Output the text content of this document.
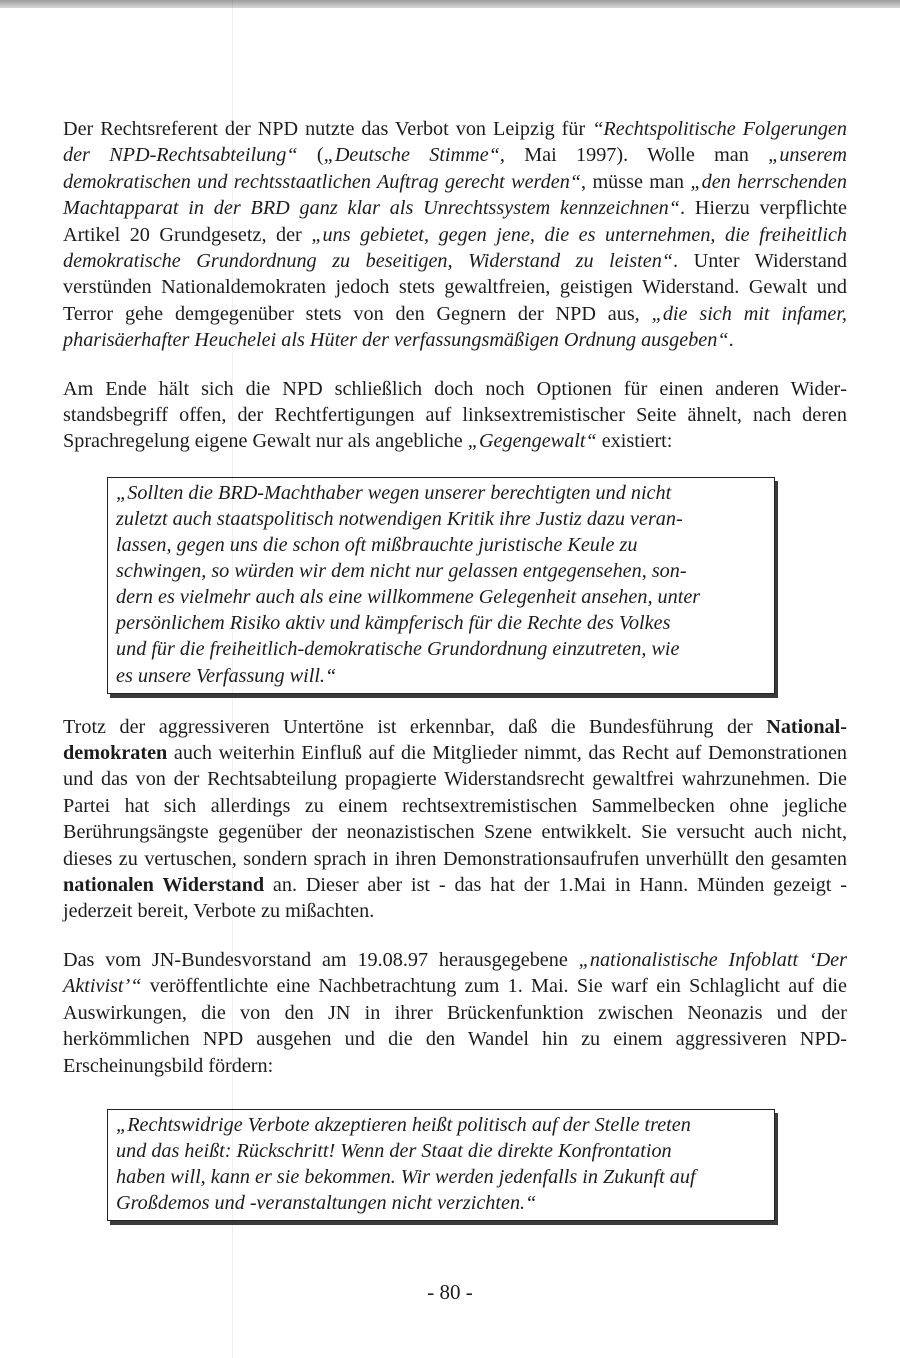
Der Rechtsreferent der NPD nutzte das Verbot von Leipzig für “Rechtspolitische Folgerungen der NPD-Rechtsabteilung“ („Deutsche Stimme“, Mai 1997). Wolle man „unserem demokratischen und rechtsstaatlichen Auftrag gerecht werden“, müsse man „den herrschenden Machtapparat in der BRD ganz klar als Unrechtssystem kennzeichnen“. Hierzu verpflichte Artikel 20 Grundgesetz, der „uns gebietet, gegen jene, die es unternehmen, die freiheitlich demokratische Grundordnung zu beseitigen, Widerstand zu leisten“. Unter Widerstand verstünden Nationaldemokraten jedoch stets gewaltfreien, geistigen Widerstand. Gewalt und Terror gehe demgegenüber stets von den Gegnern der NPD aus, „die sich mit infamer, pharisäerhafter Heuchelei als Hüter der verfassungsmäßigen Ordnung ausgeben“.

Am Ende hält sich die NPD schließlich doch noch Optionen für einen anderen Widerstandsbegriff offen, der Rechtfertigungen auf linksextremistischer Seite ähnelt, nach deren Sprachregelung eigene Gewalt nur als angebliche „Gegengewalt“ existiert:

„Sollten die BRD-Machthaber wegen unserer berechtigten und nicht
zuletzt auch staatspolitisch notwendigen Kritik ihre Justiz dazu veran-
lassen, gegen uns die schon oft mißbrauchte juristische Keule zu
schwingen, so würden wir dem nicht nur gelassen entgegensehen, son-
dern es vielmehr auch als eine willkommene Gelegenheit ansehen, unter
persönlichem Risiko aktiv und kämpferisch für die Rechte des Volkes
und für die freiheitlich-demokratische Grundordnung einzutreten, wie
es unsere Verfassung will.“

Trotz der aggressiveren Untertöne ist erkennbar, daß die Bundesführung der Nationaldemokraten auch weiterhin Einfluß auf die Mitglieder nimmt, das Recht auf Demonstrationen und das von der Rechtsabteilung propagierte Widerstandsrecht gewaltfrei wahrzunehmen. Die Partei hat sich allerdings zu einem rechtsextremistischen Sammelbecken ohne jegliche Berührungsängste gegenüber der neonazistischen Szene entwikkelt. Sie versucht auch nicht, dieses zu vertuschen, sondern sprach in ihren Demonstrationsaufrufen unverhüllt den gesamten nationalen Widerstand an. Dieser aber ist - das hat der 1.Mai in Hann. Münden gezeigt - jederzeit bereit, Verbote zu mißachten.

Das vom JN-Bundesvorstand am 19.08.97 herausgegebene „nationalistische Infoblatt ‘Der Aktivist’“ veröffentlichte eine Nachbetrachtung zum 1. Mai. Sie warf ein Schlaglicht auf die Auswirkungen, die von den JN in ihrer Brückenfunktion zwischen Neonazis und der herkömmlichen NPD ausgehen und die den Wandel hin zu einem aggressiveren NPD-Erscheinungsbild fördern:

„Rechtswidrige Verbote akzeptieren heißt politisch auf der Stelle treten
und das heißt: Rückschritt! Wenn der Staat die direkte Konfrontation
haben will, kann er sie bekommen. Wir werden jedenfalls in Zukunft auf
Großdemos und -veranstaltungen nicht verzichten.“
- 80 -
